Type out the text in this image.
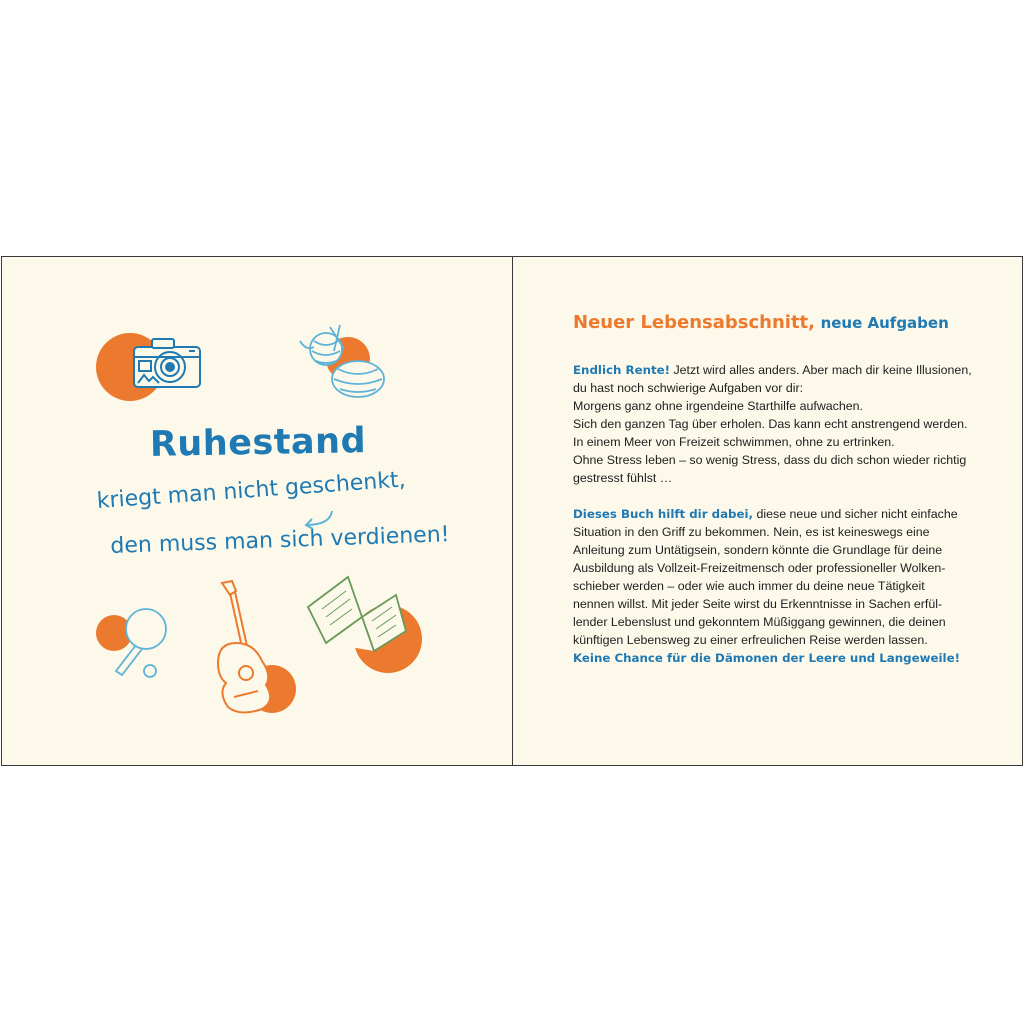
Ruhestand
kriegt man nicht geschenkt,
den muss man sich verdienen!
Neuer Lebensabschnitt, neue Aufgaben

Endlich Rente! Jetzt wird alles anders. Aber mach dir keine Illusionen,

du hast noch schwierige Aufgaben vor dir:

Morgens ganz ohne irgendeine Starthilfe aufwachen.

Sich den ganzen Tag über erholen. Das kann echt anstrengend werden.

In einem Meer von Freizeit schwimmen, ohne zu ertrinken.

Ohne Stress leben – so wenig Stress, dass du dich schon wieder richtig

gestresst fühlst …

Dieses Buch hilft dir dabei, diese neue und sicher nicht einfache

Situation in den Griff zu bekommen. Nein, es ist keineswegs eine

Anleitung zum Untätigsein, sondern könnte die Grundlage für deine

Ausbildung als Vollzeit-Freizeitmensch oder professioneller Wolken-

schieber werden – oder wie auch immer du deine neue Tätigkeit

nennen willst. Mit jeder Seite wirst du Erkenntnisse in Sachen erfül-

lender Lebenslust und gekonntem Müßiggang gewinnen, die deinen

künftigen Lebensweg zu einer erfreulichen Reise werden lassen.

Keine Chance für die Dämonen der Leere und Langeweile!
